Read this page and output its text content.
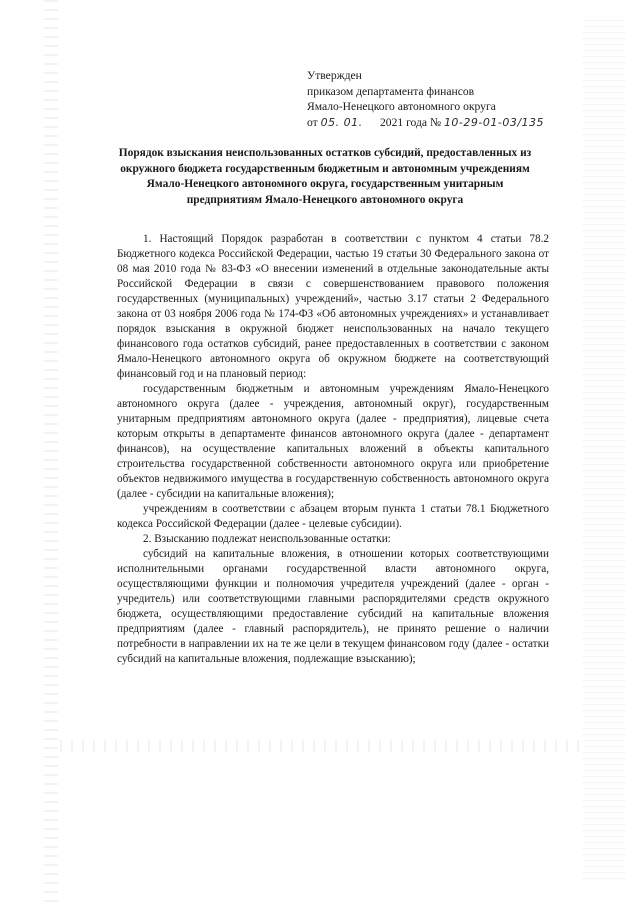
Утвержден
приказом департамента финансов
Ямало-Ненецкого автономного округа
от 05. 01. 2021 года № 10-29-01-03/135
Порядок взыскания неиспользованных остатков субсидий, предоставленных из окружного бюджета государственным бюджетным и автономным учреждениям Ямало-Ненецкого автономного округа, государственным унитарным предприятиям Ямало-Ненецкого автономного округа

1. Настоящий Порядок разработан в соответствии с пунктом 4 статьи 78.2 Бюджетного кодекса Российской Федерации, частью 19 статьи 30 Федерального закона от 08 мая 2010 года № 83-ФЗ «О внесении изменений в отдельные законодательные акты Российской Федерации в связи с совершенствованием правового положения государственных (муниципальных) учреждений», частью 3.17 статьи 2 Федерального закона от 03 ноября 2006 года № 174-ФЗ «Об автономных учреждениях» и устанавливает порядок взыскания в окружной бюджет неиспользованных на начало текущего финансового года остатков субсидий, ранее предоставленных в соответствии с законом Ямало-Ненецкого автономного округа об окружном бюджете на соответствующий финансовый год и на плановый период:

государственным бюджетным и автономным учреждениям Ямало-Ненецкого автономного округа (далее - учреждения, автономный округ), государственным унитарным предприятиям автономного округа (далее - предприятия), лицевые счета которым открыты в департаменте финансов автономного округа (далее - департамент финансов), на осуществление капитальных вложений в объекты капитального строительства государственной собственности автономного округа или приобретение объектов недвижимого имущества в государственную собственность автономного округа (далее - субсидии на капитальные вложения);

учреждениям в соответствии с абзацем вторым пункта 1 статьи 78.1 Бюджетного кодекса Российской Федерации (далее - целевые субсидии).

2. Взысканию подлежат неиспользованные остатки:

субсидий на капитальные вложения, в отношении которых соответствующими исполнительными органами государственной власти автономного округа, осуществляющими функции и полномочия учредителя учреждений (далее - орган - учредитель) или соответствующими главными распорядителями средств окружного бюджета, осуществляющими предоставление субсидий на капитальные вложения предприятиям (далее - главный распорядитель), не принято решение о наличии потребности в направлении их на те же цели в текущем финансовом году (далее - остатки субсидий на капитальные вложения, подлежащие взысканию);
